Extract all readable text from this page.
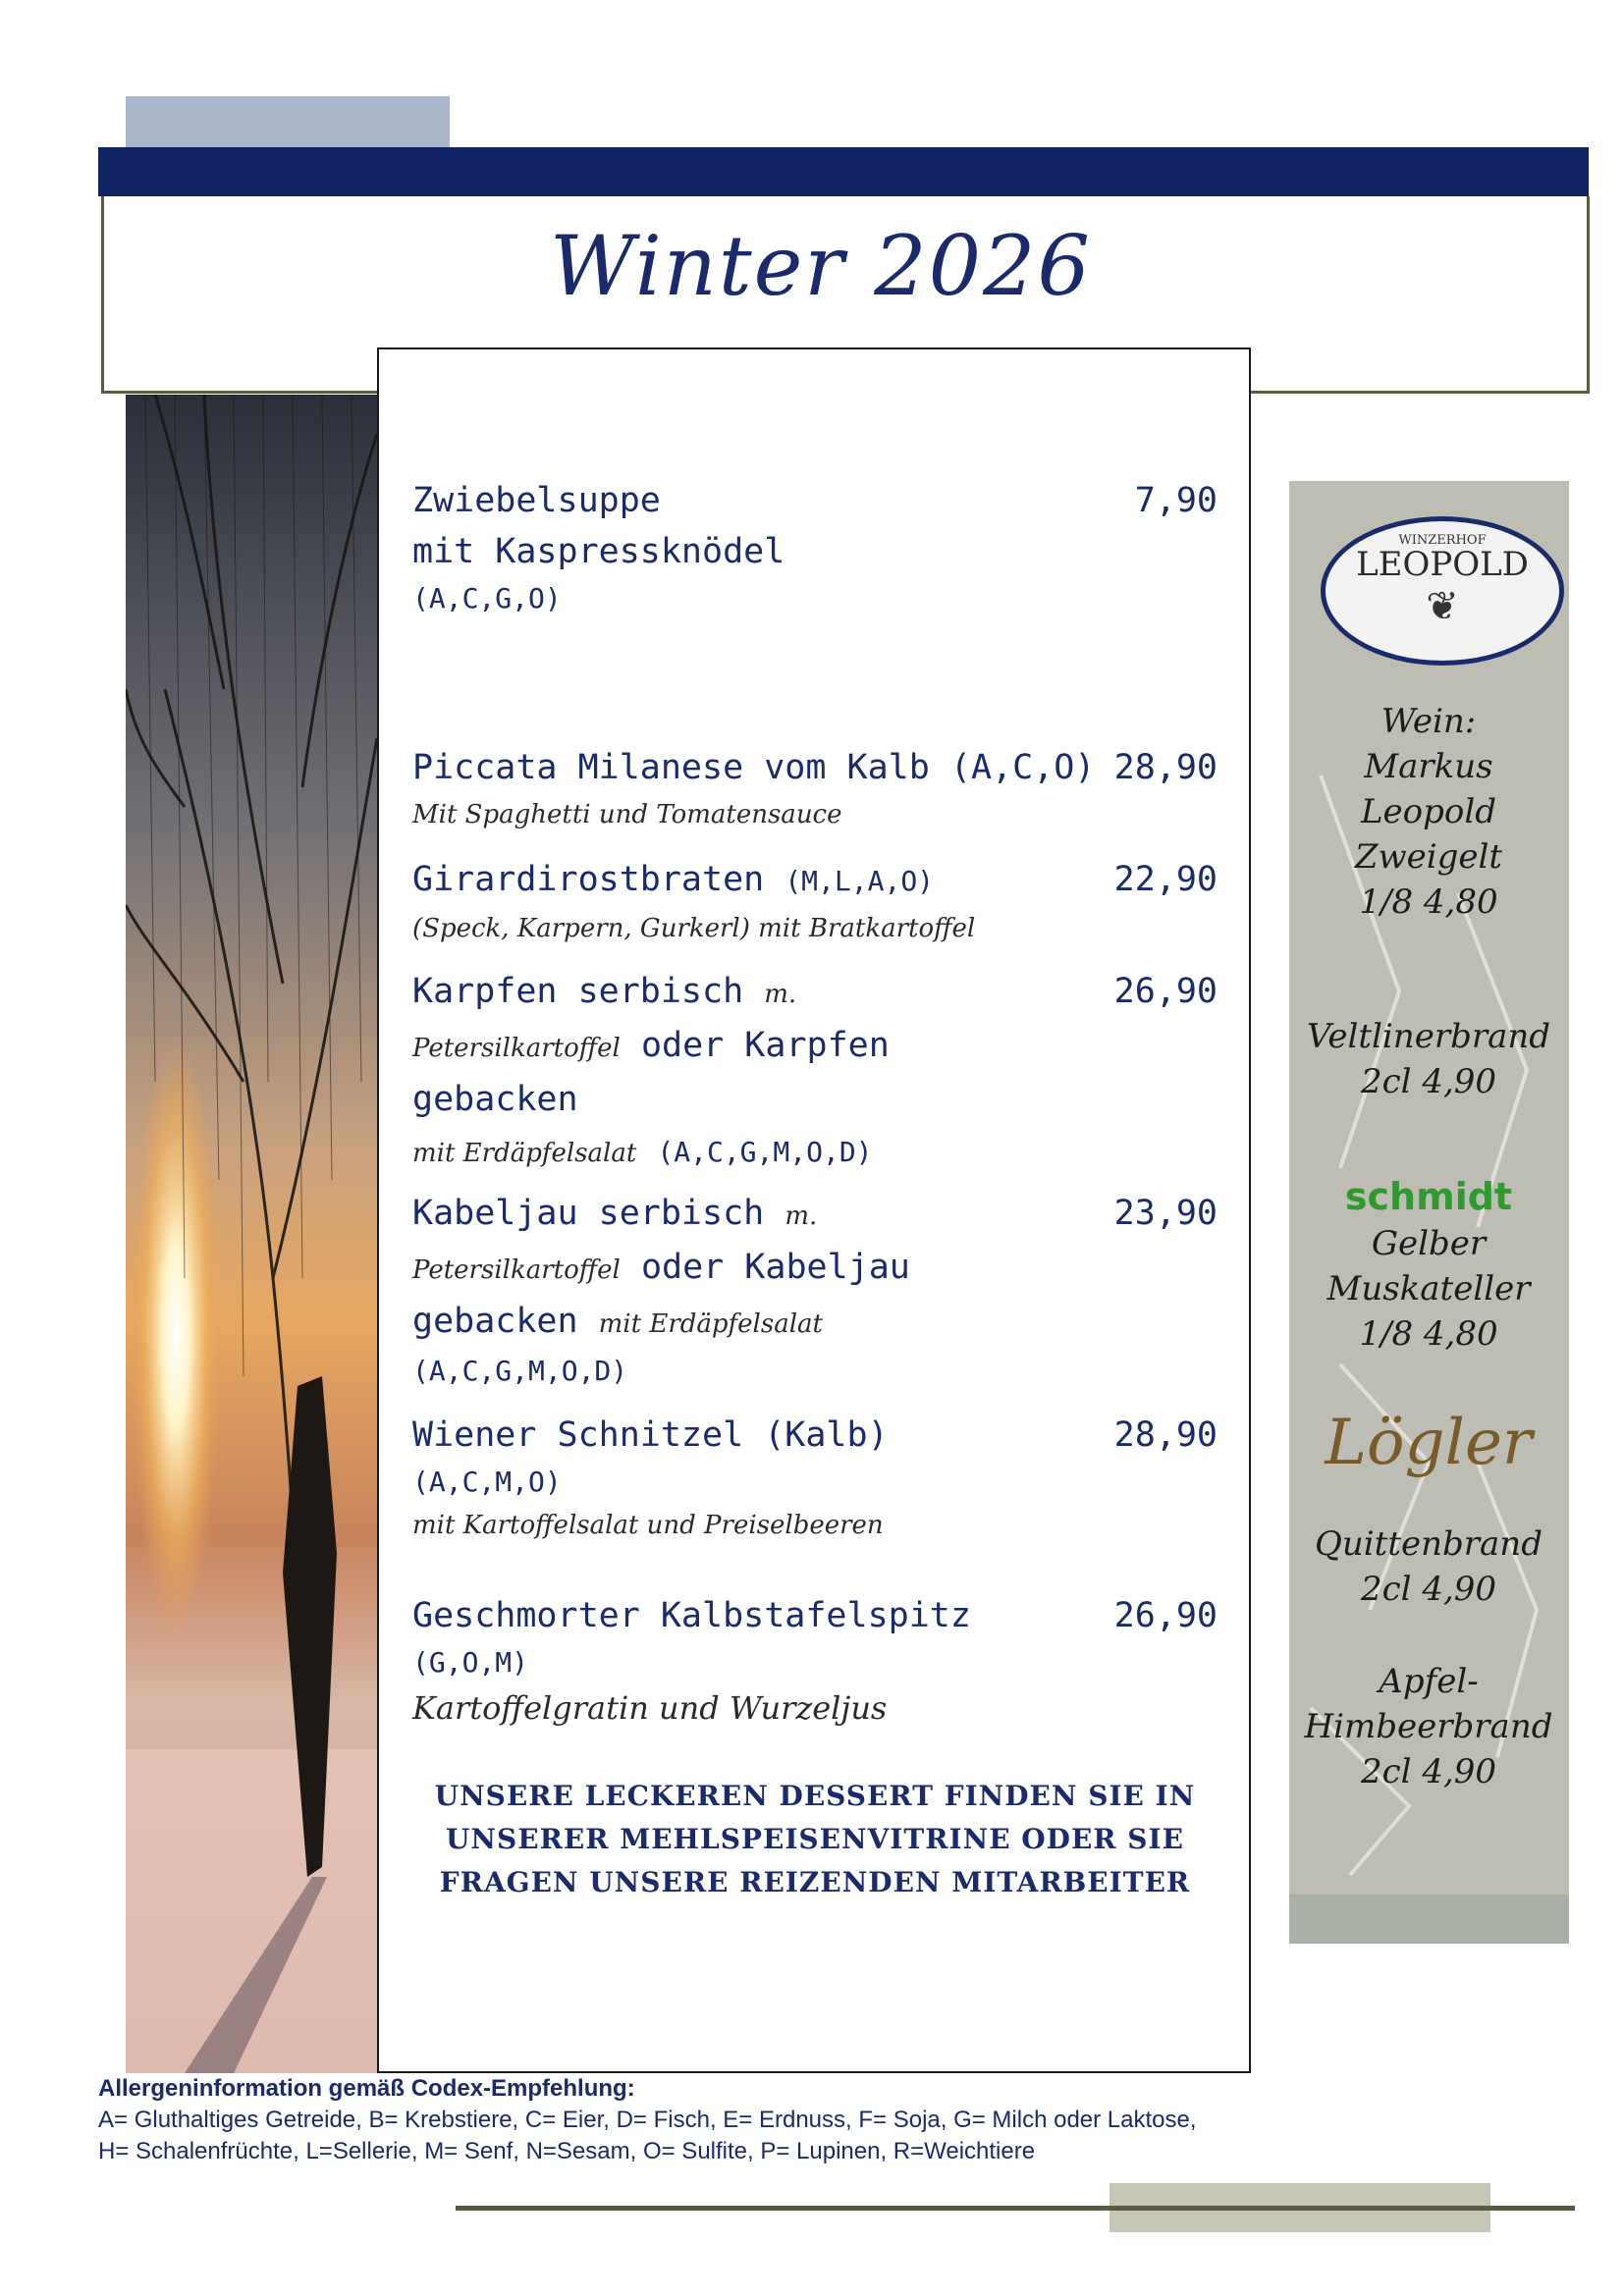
Winter 2026
WINZERHOF
LEOPOLD
❦
Wein:
Markus
Leopold
Zweigelt
1/8 4,80
Veltlinerbrand
2cl 4,90
schmidt
Gelber
Muskateller
1/8 4,80
Lögler
Quittenbrand
2cl 4,90
Apfel-
Himbeerbrand
2cl 4,90
Zwiebelsuppe
mit Kaspressknödel
(A,C,G,O)
7,90
Piccata Milanese vom Kalb (A,C,O)
Mit Spaghetti und Tomatensauce
28,90
Girardirostbraten (M,L,A,O)
(Speck, Karpern, Gurkerl) mit Bratkartoffel
22,90
Karpfen serbisch m.
Petersilkartoffel oder Karpfen
gebacken
mit Erdäpfelsalat (A,C,G,M,O,D)
26,90
Kabeljau serbisch m.
Petersilkartoffel oder Kabeljau
gebacken mit Erdäpfelsalat
(A,C,G,M,O,D)
23,90
Wiener Schnitzel (Kalb)
(A,C,M,O)
mit Kartoffelsalat und Preiselbeeren
28,90
Geschmorter Kalbstafelspitz
(G,O,M)
Kartoffelgratin und Wurzeljus
26,90
UNSERE LECKEREN DESSERT FINDEN SIE IN UNSERER MEHLSPEISENVITRINE ODER SIE FRAGEN UNSERE REIZENDEN MITARBEITER
Allergeninformation gemäß Codex-Empfehlung:
A= Gluthaltiges Getreide, B= Krebstiere, C= Eier, D= Fisch, E= Erdnuss, F= Soja, G= Milch oder Laktose,
H= Schalenfrüchte, L=Sellerie, M= Senf, N=Sesam, O= Sulfite, P= Lupinen, R=Weichtiere
